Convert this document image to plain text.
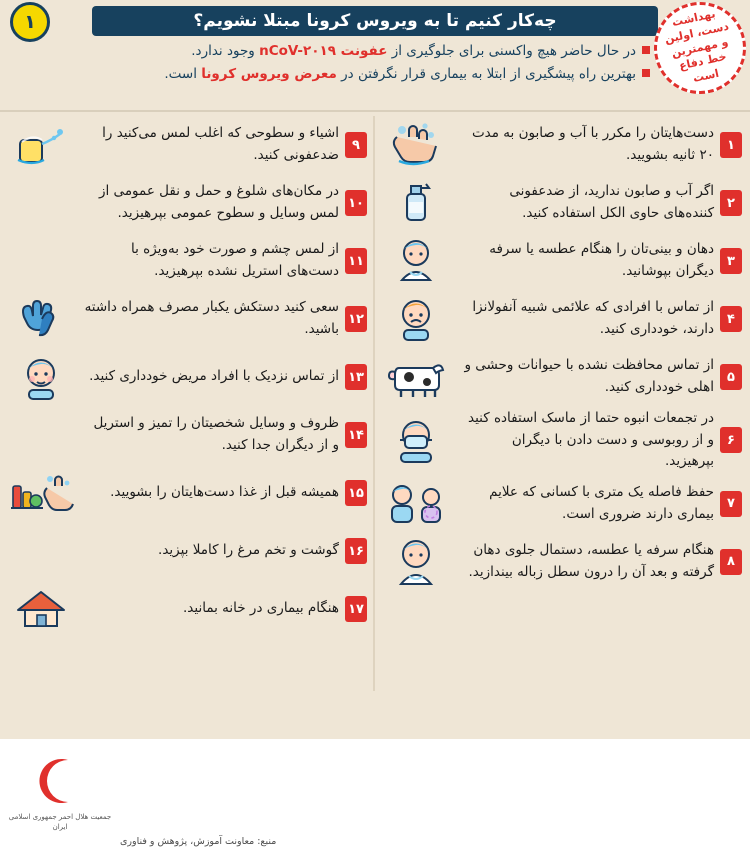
چه‌کار کنیم تا به ویروس کرونا مبتلا نشویم؟
۱	بهداشت دست، اولین و مهمترین خط دفاع است
در حال حاضر هیچ واکسنی برای جلوگیری از عفونت nCoV-۲۰۱۹ وجود ندارد.
بهترین راه پیشگیری از ابتلا به بیماری قرار نگرفتن در معرض ویروس کرونا است.
۱
دست‌هایتان را مکرر با آب و صابون به مدت ۲۰ ثانیه بشویید.
۲
اگر آب و صابون ندارید، از ضدعفونی کننده‌های حاوی الکل استفاده کنید.
۳
دهان و بینی‌تان را هنگام عطسه یا سرفه دیگران بپوشانید.
۴
از تماس با افرادی که علائمی شبیه آنفولانزا دارند، خودداری کنید.
۵
از تماس محافظت نشده با حیوانات وحشی و اهلی خودداری کنید.
۶
در تجمعات انبوه حتما از ماسک استفاده کنید و از روبوسی و دست دادن با دیگران بپرهیزید.
۷
حفظ فاصله یک متری با کسانی که علایم بیماری دارند ضروری است.
۸
هنگام سرفه یا عطسه، دستمال جلوی دهان گرفته و بعد آن را درون سطل زباله بیندازید.
۹
اشیاء و سطوحی که اغلب لمس می‌کنید را ضدعفونی کنید.
۱۰
در مکان‌های شلوغ و حمل و نقل عمومی از لمس وسایل و سطوح عمومی بپرهیزید.
۱۱
از لمس چشم و صورت خود به‌ویژه با دست‌های استریل نشده بپرهیزید.
۱۲
سعی کنید دستکش یکبار مصرف همراه داشته باشید.
۱۳
از تماس نزدیک با افراد مریض خودداری کنید.
۱۴
ظروف و وسایل شخصیتان را تمیز و استریل و از دیگران جدا کنید.
۱۵
همیشه قبل از غذا دست‌هایتان را بشویید.
۱۶
گوشت و تخم مرغ را کاملا بپزید.
۱۷
هنگام بیماری در خانه بمانید.
جمعیت هلال احمر جمهوری اسلامی ایران
منبع: معاونت آموزش، پژوهش و فناوری
